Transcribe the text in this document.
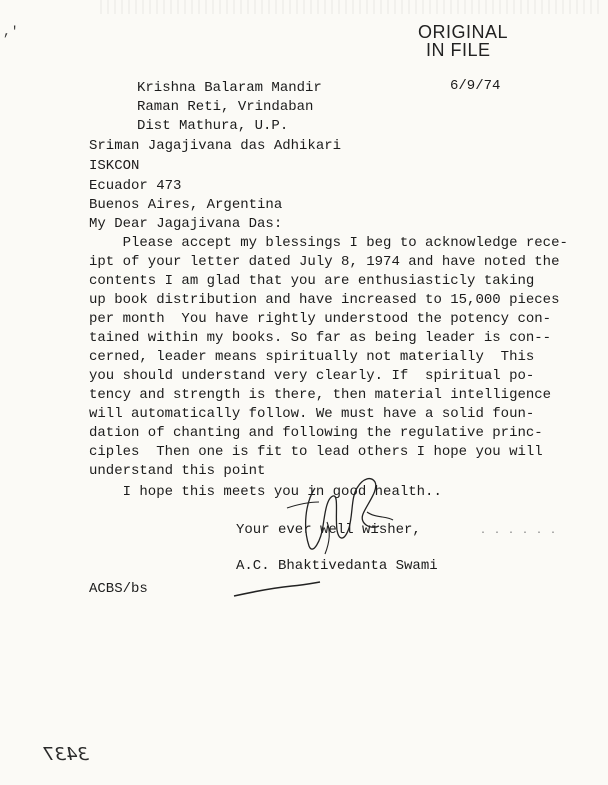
,'	ORIGINAL
IN FILE
6/9/74
Krishna Balaram Mandir
Raman Reti, Vrindaban
Dist Mathura, U.P.
Sriman Jagajivana das Adhikari
ISKCON
Ecuador 473
Buenos Aires, Argentina
My Dear Jagajivana Das:
Please accept my blessings I beg to acknowledge rece-
ipt of your letter dated July 8, 1974 and have noted the
contents I am glad that you are enthusiasticly taking
up book distribution and have increased to 15,000 pieces
per month  You have rightly understood the potency con-
tained within my books. So far as being leader is con--
cerned, leader means spiritually not materially  This
you should understand very clearly. If  spiritual po-
tency and strength is there, then material intelligence
will automatically follow. We must have a solid foun-
dation of chanting and following the regulative princ-
ciples  Then one is fit to lead others I hope you will
understand this point
I hope this meets you in good health..
Your ever well wisher,	· · · · · ·
A.C. Bhaktivedanta Swami
ACBS/bs
3437
